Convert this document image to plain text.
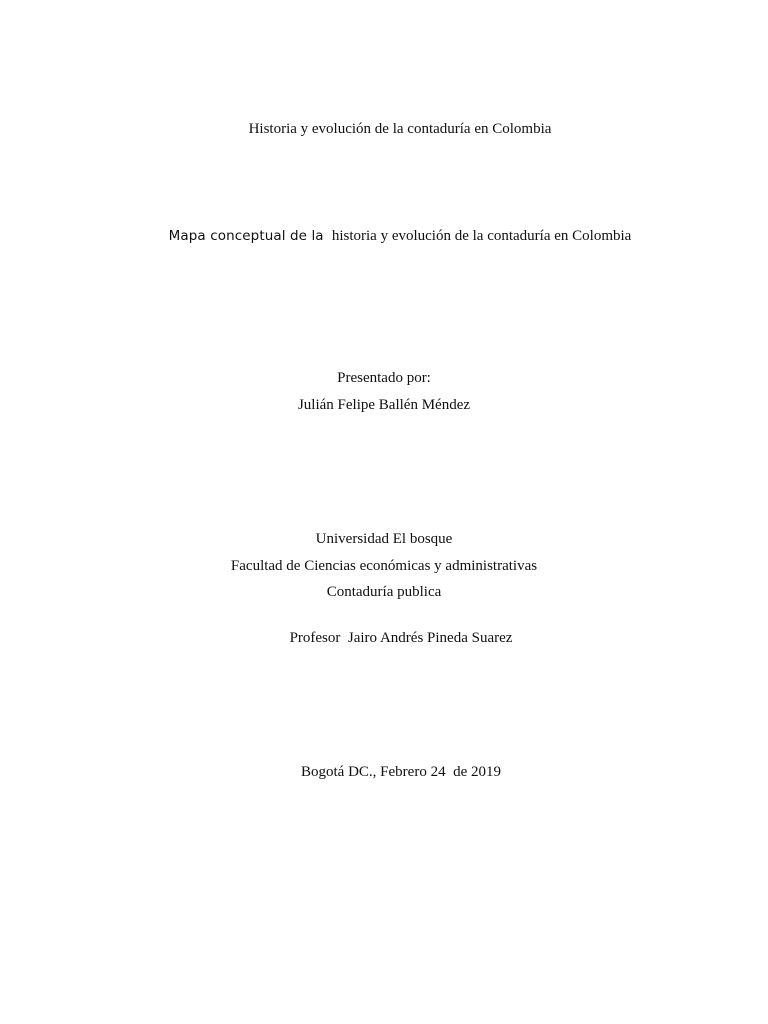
Historia y evolución de la contaduría en Colombia
Mapa conceptual de la  historia y evolución de la contaduría en Colombia
Presentado por:
Julián Felipe Ballén Méndez
Universidad El bosque
Facultad de Ciencias económicas y administrativas
Contaduría publica
Profesor  Jairo Andrés Pineda Suarez
Bogotá DC., Febrero 24  de 2019
